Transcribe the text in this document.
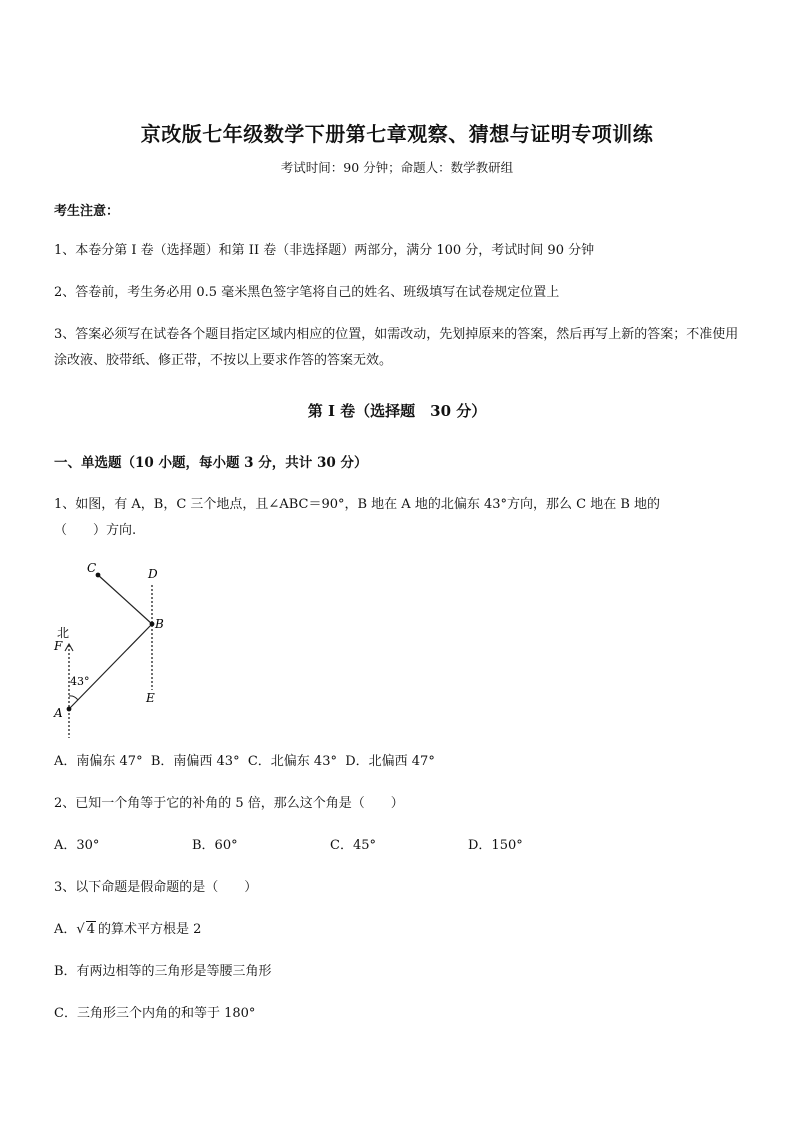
京改版七年级数学下册第七章观察、猜想与证明专项训练
考试时间：90 分钟；命题人：数学教研组
考生注意：
1、本卷分第 I 卷（选择题）和第 II 卷（非选择题）两部分，满分 100 分，考试时间 90 分钟
2、答卷前，考生务必用 0.5 毫米黑色签字笔将自己的姓名、班级填写在试卷规定位置上
3、答案必须写在试卷各个题目指定区域内相应的位置，如需改动，先划掉原来的答案，然后再写上新的答案；不准使用涂改液、胶带纸、修正带，不按以上要求作答的答案无效。
第 I 卷（选择题　30 分）
一、单选题（10 小题，每小题 3 分，共计 30 分）
1、如图，有 A，B，C 三个地点，且∠ABC＝90°，B 地在 A 地的北偏东 43°方向，那么 C 地在 B 地的
（　　）方向.
C	D
B
北
F
43°
E
A
A．南偏东 47° B．南偏西 43° C．北偏东 43° D．北偏西 47°
2、已知一个角等于它的补角的 5 倍，那么这个角是（　　）
A．30°	B．60°	C．45°	D．150°
3、以下命题是假命题的是（　　）
A．√ 4 的算术平方根是 2
B．有两边相等的三角形是等腰三角形
C．三角形三个内角的和等于 180°
